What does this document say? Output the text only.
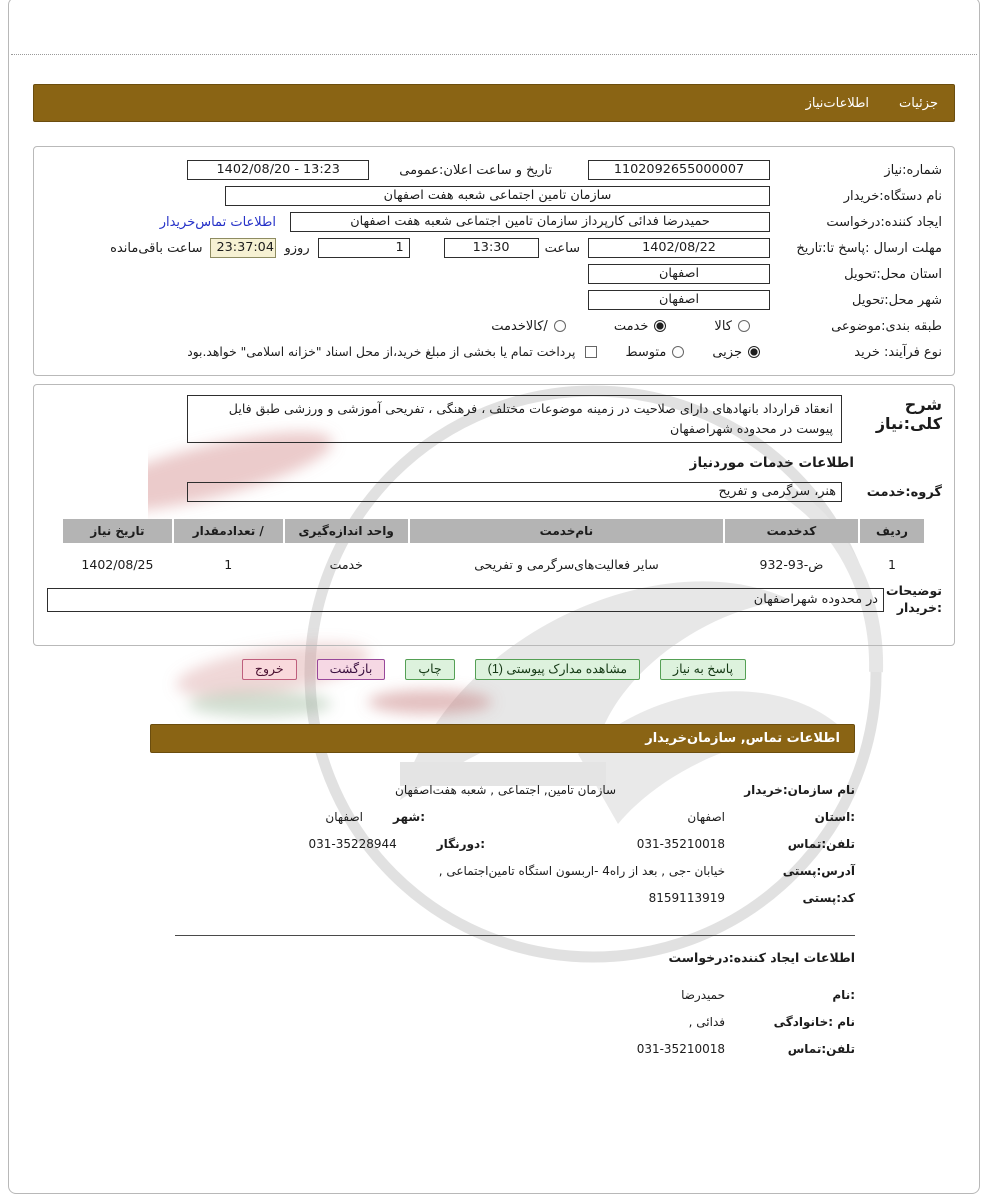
جزئیات
اطلاعات‌نیاز
شماره:نیاز
1102092655000007
تاریخ و ساعت اعلان:عمومی
1402/08/20 - 13:23
نام دستگاه:خریدار
سازمان تامین اجتماعی شعبه هفت اصفهان
ایجاد کننده:درخواست
حمیدرضا فدائی کارپرداز سازمان تامین اجتماعی شعبه هفت اصفهان
اطلاعات تماس‌خریدار
مهلت ارسال :پاسخ تا:تاریخ
1402/08/22
ساعت
13:30
1
روزو
23:37:04
ساعت باقی‌مانده
استان محل:تحویل
اصفهان
شهر محل:تحویل
اصفهان
طبقه بندی:موضوعی
کالا
خدمت
/کالاخدمت
نوع فرآیند: خرید
جزیی
متوسط
پرداخت تمام یا بخشی از مبلغ خرید،از محل اسناد "خزانه اسلامی" خواهد.بود
شرح کلی:نیاز
انعقاد قرارداد بانهادهای دارای صلاحیت در زمینه موضوعات مختلف ، فرهنگی ، تفریحی آموزشی و ورزشی طبق فایل پیوست در محدوده شهراصفهان
اطلاعات خدمات موردنیاز
گروه:خدمت
هنر، سرگرمی و تفریح
ردیف	کدخدمت	نام‌خدمت	واحد اندازه‌گیری	/ تعدادمقدار	تاریخ نیاز
1	ض-93-932	سایر فعالیت‌های‌سرگرمی و تفریحی	خدمت	1	1402/08/25
توضیحات :خریدار
در محدوده شهراصفهان
پاسخ به نیاز
مشاهده مدارک پیوستی (1)
چاپ
بازگشت
خروج
اطلاعات تماس, سازمان‌خریدار
نام سازمان:خریدار
سازمان تامین, اجتماعی , شعبه هفت‌اصفهان
:استان
اصفهان
:شهر
اصفهان
تلفن:تماس
031-35210018
:دورنگار
031-35228944
آدرس:پستی
خیابان -جی , بعد از راه4 -اربسون استگاه تامین‌اجتماعی ,
کد:پستی
8159113919
اطلاعات ایجاد کننده:درخواست
:نام
حمیدرضا
نام :خانوادگی
فدائی ,
تلفن:تماس
031-35210018
